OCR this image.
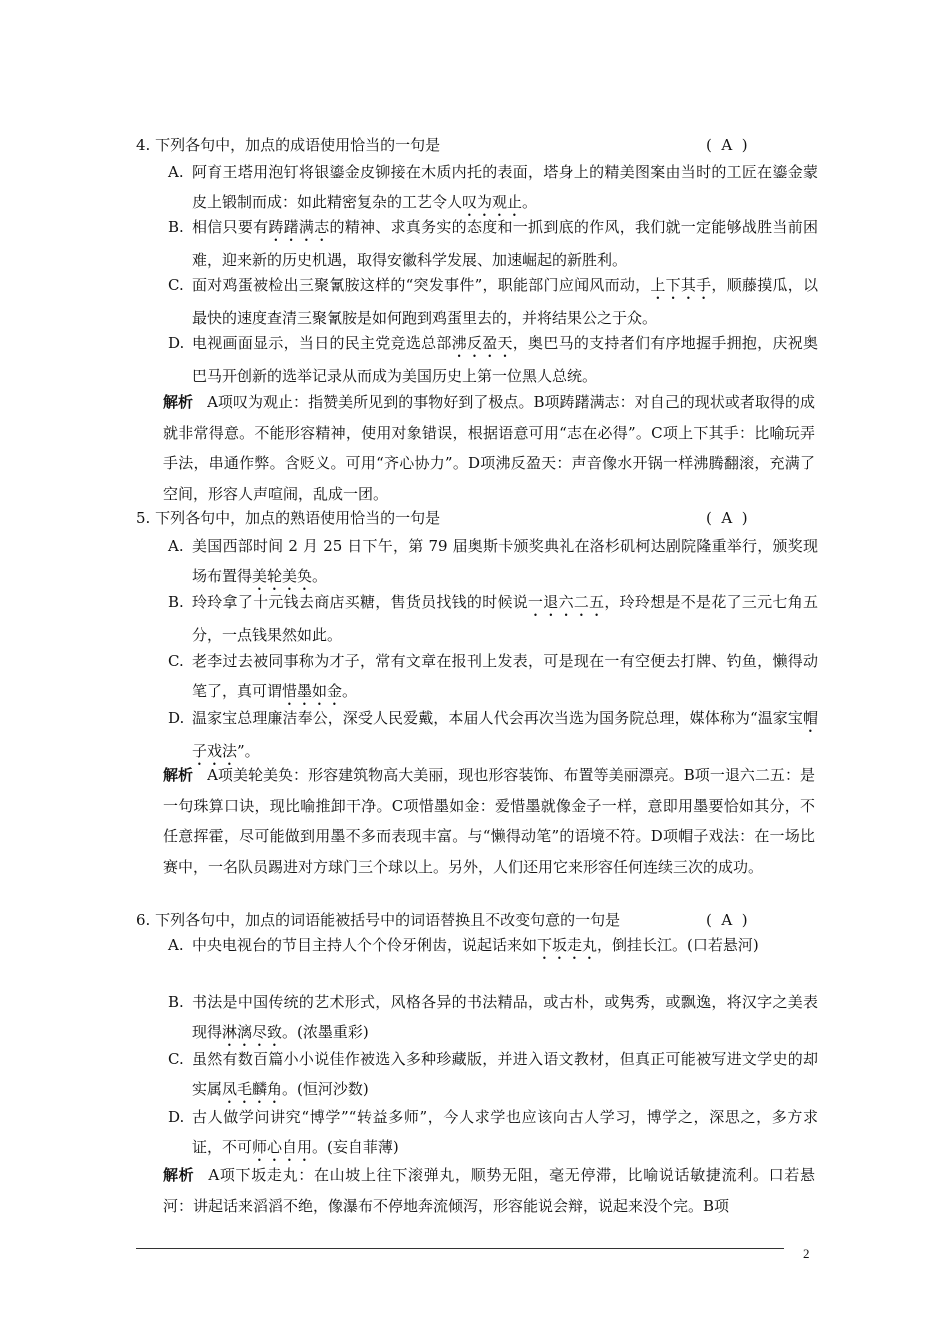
4. 下列各句中，加点的成语使用恰当的一句是	(  A  )
A. 阿育王塔用泡钉将银鎏金皮铆接在木质内托的表面，塔身上的精美图案由当时的工匠在鎏金蒙皮上锻制而成：如此精密复杂的工艺令人叹为观止。
B. 相信只要有踌躇满志的精神、求真务实的态度和一抓到底的作风，我们就一定能够战胜当前困难，迎来新的历史机遇，取得安徽科学发展、加速崛起的新胜利。
C. 面对鸡蛋被检出三聚氰胺这样的“突发事件”，职能部门应闻风而动，上下其手，顺藤摸瓜，以最快的速度查清三聚氰胺是如何跑到鸡蛋里去的，并将结果公之于众。
D. 电视画面显示，当日的民主党竞选总部沸反盈天，奥巴马的支持者们有序地握手拥抱，庆祝奥巴马开创新的选举记录从而成为美国历史上第一位黑人总统。
解析 A项叹为观止：指赞美所见到的事物好到了极点。B项踌躇满志：对自己的现状或者取得的成就非常得意。不能形容精神，使用对象错误，根据语意可用“志在必得”。C项上下其手：比喻玩弄手法，串通作弊。含贬义。可用“齐心协力”。D项沸反盈天：声音像水开锅一样沸腾翻滚，充满了空间，形容人声喧闹，乱成一团。
5. 下列各句中，加点的熟语使用恰当的一句是	(  A  )
A. 美国西部时间 2 月 25 日下午，第 79 届奥斯卡颁奖典礼在洛杉矶柯达剧院隆重举行，颁奖现场布置得美轮美奂。
B. 玲玲拿了十元钱去商店买糖，售货员找钱的时候说一退六二五，玲玲想是不是花了三元七角五分，一点钱果然如此。
C. 老李过去被同事称为才子，常有文章在报刊上发表，可是现在一有空便去打牌、钓鱼，懒得动笔了，真可谓惜墨如金。
D. 温家宝总理廉洁奉公，深受人民爱戴，本届人代会再次当选为国务院总理，媒体称为“温家宝帽子戏法”。
解析 A项美轮美奂：形容建筑物高大美丽，现也形容装饰、布置等美丽漂亮。B项一退六二五：是一句珠算口诀，现比喻推卸干净。C项惜墨如金：爱惜墨就像金子一样，意即用墨要恰如其分，不任意挥霍，尽可能做到用墨不多而表现丰富。与“懒得动笔”的语境不符。D项帽子戏法：在一场比赛中，一名队员踢进对方球门三个球以上。另外，人们还用它来形容任何连续三次的成功。
6. 下列各句中，加点的词语能被括号中的词语替换且不改变句意的一句是	(  A  )
A. 中央电视台的节目主持人个个伶牙俐齿，说起话来如下坂走丸，倒挂长江。(口若悬河)
B. 书法是中国传统的艺术形式，风格各异的书法精品，或古朴，或隽秀，或飘逸，将汉字之美表现得淋漓尽致。(浓墨重彩)
C. 虽然有数百篇小小说佳作被选入多种珍藏版，并进入语文教材，但真正可能被写进文学史的却实属凤毛麟角。(恒河沙数)
D. 古人做学问讲究“博学”“转益多师”，今人求学也应该向古人学习，博学之，深思之，多方求证，不可师心自用。(妄自菲薄)
解析 A项下坂走丸：在山坡上往下滚弹丸，顺势无阻，毫无停滞，比喻说话敏捷流利。口若悬河：讲起话来滔滔不绝，像瀑布不停地奔流倾泻，形容能说会辩，说起来没个完。B项
2
